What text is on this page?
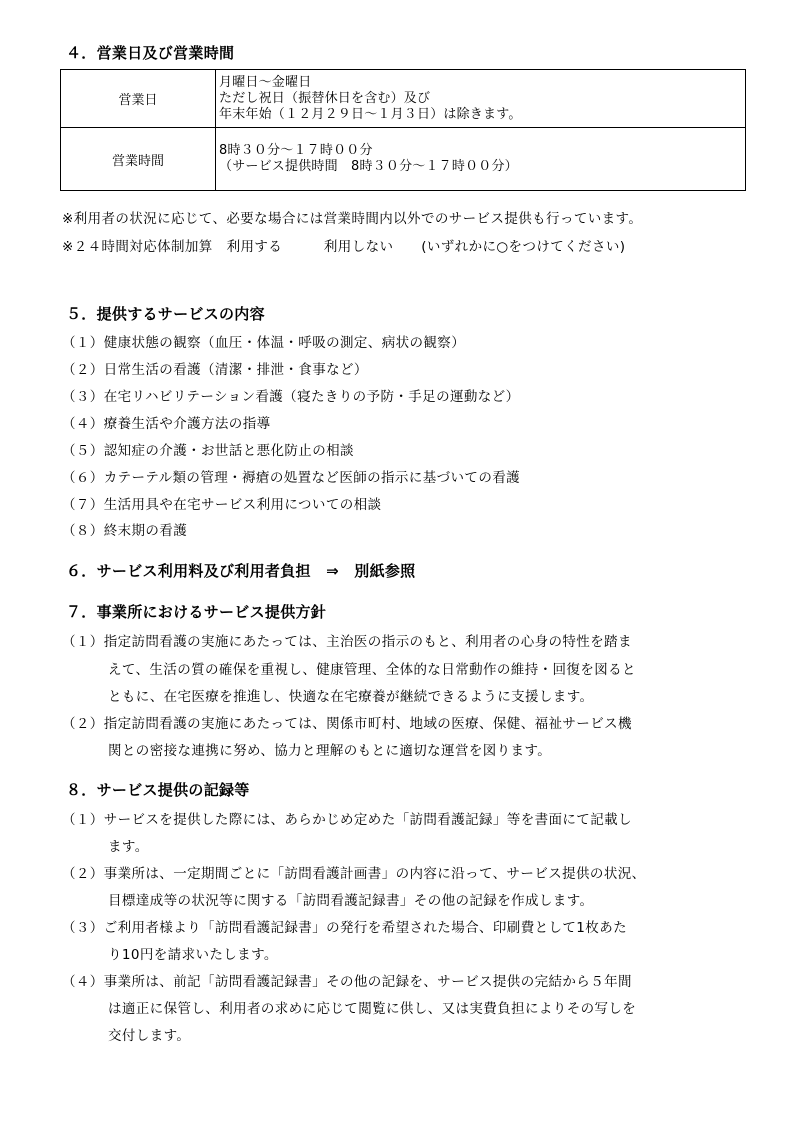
４．営業日及び営業時間
営業日	月曜日～金曜日
ただし祝日（振替休日を含む）及び
年末年始（１２月２９日～１月３日）は除きます。

営業時間	8時３０分～１７時００分
（サービス提供時間　8時３０分～１７時００分）
※利用者の状況に応じて、必要な場合には営業時間内以外でのサービス提供も行っています。
※２４時間対応体制加算　利用する　　　利用しない　　(いずれかに○をつけてください)
５．提供するサービスの内容
（１）健康状態の観察（血圧・体温・呼吸の測定、病状の観察）
（２）日常生活の看護（清潔・排泄・食事など）
（３）在宅リハビリテーション看護（寝たきりの予防・手足の運動など）
（４）療養生活や介護方法の指導
（５）認知症の介護・お世話と悪化防止の相談
（６）カテーテル類の管理・褥瘡の処置など医師の指示に基づいての看護
（７）生活用具や在宅サービス利用についての相談
（８）終末期の看護
６．サービス利用料及び利用者負担　⇒　別紙参照
７．事業所におけるサービス提供方針
（１）指定訪問看護の実施にあたっては、主治医の指示のもと、利用者の心身の特性を踏ま
えて、生活の質の確保を重視し、健康管理、全体的な日常動作の維持・回復を図ると
ともに、在宅医療を推進し、快適な在宅療養が継続できるように支援します。
（２）指定訪問看護の実施にあたっては、関係市町村、地域の医療、保健、福祉サービス機
関との密接な連携に努め、協力と理解のもとに適切な運営を図ります。
８．サービス提供の記録等
（１）サービスを提供した際には、あらかじめ定めた「訪問看護記録」等を書面にて記載し
ます。
（２）事業所は、一定期間ごとに「訪問看護計画書」の内容に沿って、サービス提供の状況、
目標達成等の状況等に関する「訪問看護記録書」その他の記録を作成します。
（３）ご利用者様より「訪問看護記録書」の発行を希望された場合、印刷費として1枚あた
り10円を請求いたします。
（４）事業所は、前記「訪問看護記録書」その他の記録を、サービス提供の完結から５年間
は適正に保管し、利用者の求めに応じて閲覧に供し、又は実費負担によりその写しを
交付します。
